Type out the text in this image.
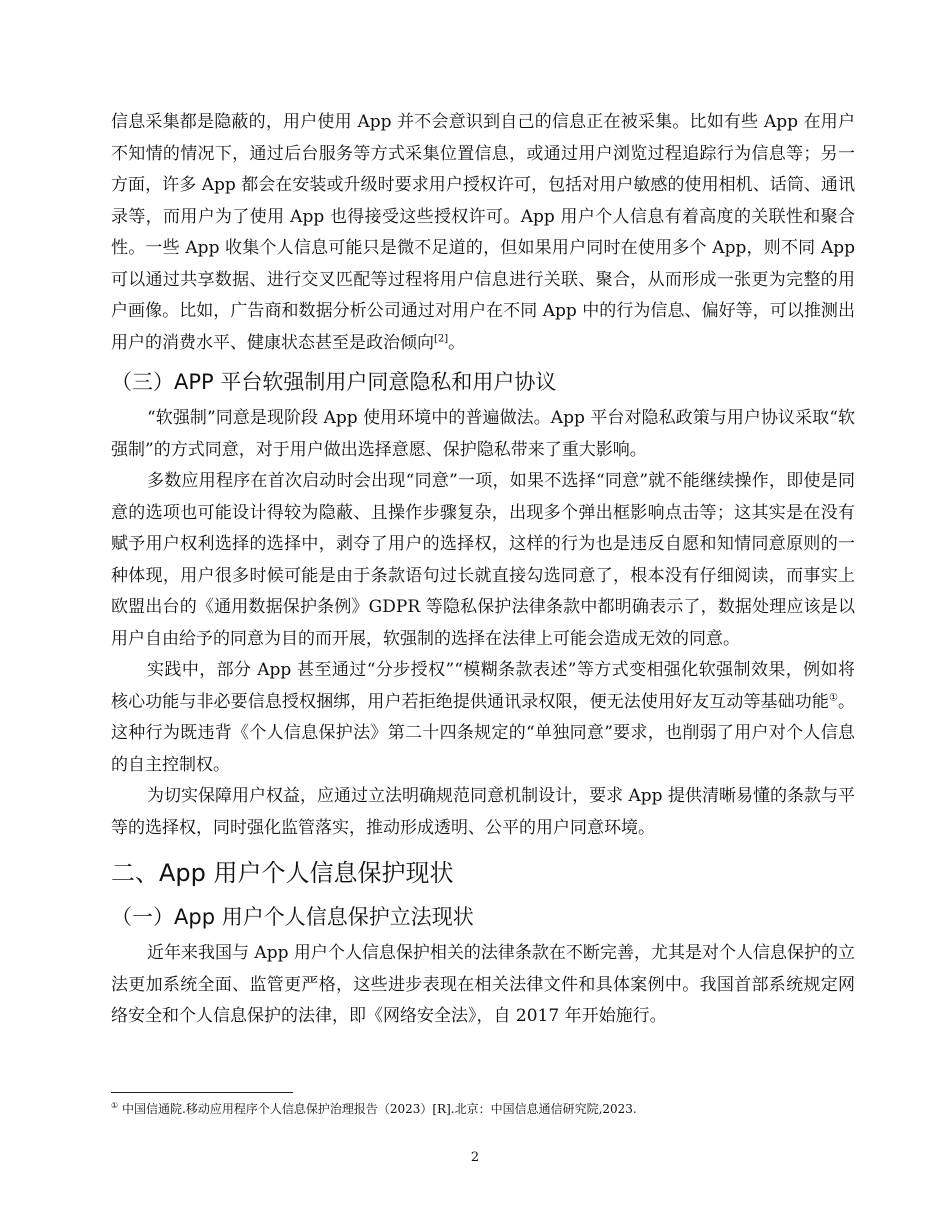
信息采集都是隐蔽的，用户使用 App 并不会意识到自己的信息正在被采集。比如有些 App 在用户不知情的情况下，通过后台服务等方式采集位置信息，或通过用户浏览过程追踪行为信息等；另一方面，许多 App 都会在安装或升级时要求用户授权许可，包括对用户敏感的使用相机、话筒、通讯录等，而用户为了使用 App 也得接受这些授权许可。App 用户个人信息有着高度的关联性和聚合性。一些 App 收集个人信息可能只是微不足道的，但如果用户同时在使用多个 App，则不同 App 可以通过共享数据、进行交叉匹配等过程将用户信息进行关联、聚合，从而形成一张更为完整的用户画像。比如，广告商和数据分析公司通过对用户在不同 App 中的行为信息、偏好等，可以推测出用户的消费水平、健康状态甚至是政治倾向[2]。

（三）APP 平台软强制用户同意隐私和用户协议

“软强制”同意是现阶段 App 使用环境中的普遍做法。App 平台对隐私政策与用户协议采取“软强制”的方式同意，对于用户做出选择意愿、保护隐私带来了重大影响。

多数应用程序在首次启动时会出现“同意”一项，如果不选择“同意”就不能继续操作，即使是同意的选项也可能设计得较为隐蔽、且操作步骤复杂，出现多个弹出框影响点击等；这其实是在没有赋予用户权利选择的选择中，剥夺了用户的选择权，这样的行为也是违反自愿和知情同意原则的一种体现，用户很多时候可能是由于条款语句过长就直接勾选同意了，根本没有仔细阅读，而事实上欧盟出台的《通用数据保护条例》GDPR 等隐私保护法律条款中都明确表示了，数据处理应该是以用户自由给予的同意为目的而开展，软强制的选择在法律上可能会造成无效的同意。

实践中，部分 App 甚至通过“分步授权”“模糊条款表述”等方式变相强化软强制效果，例如将核心功能与非必要信息授权捆绑，用户若拒绝提供通讯录权限，便无法使用好友互动等基础功能①。这种行为既违背《个人信息保护法》第二十四条规定的“单独同意”要求，也削弱了用户对个人信息的自主控制权。

为切实保障用户权益，应通过立法明确规范同意机制设计，要求 App 提供清晰易懂的条款与平等的选择权，同时强化监管落实，推动形成透明、公平的用户同意环境。

二、App 用户个人信息保护现状
（一）App 用户个人信息保护立法现状

近年来我国与 App 用户个人信息保护相关的法律条款在不断完善，尤其是对个人信息保护的立法更加系统全面、监管更严格，这些进步表现在相关法律文件和具体案例中。我国首部系统规定网络安全和个人信息保护的法律，即《网络安全法》，自 2017 年开始施行。

① 中国信通院.移动应用程序个人信息保护治理报告（2023）[R].北京：中国信息通信研究院,2023.
2
